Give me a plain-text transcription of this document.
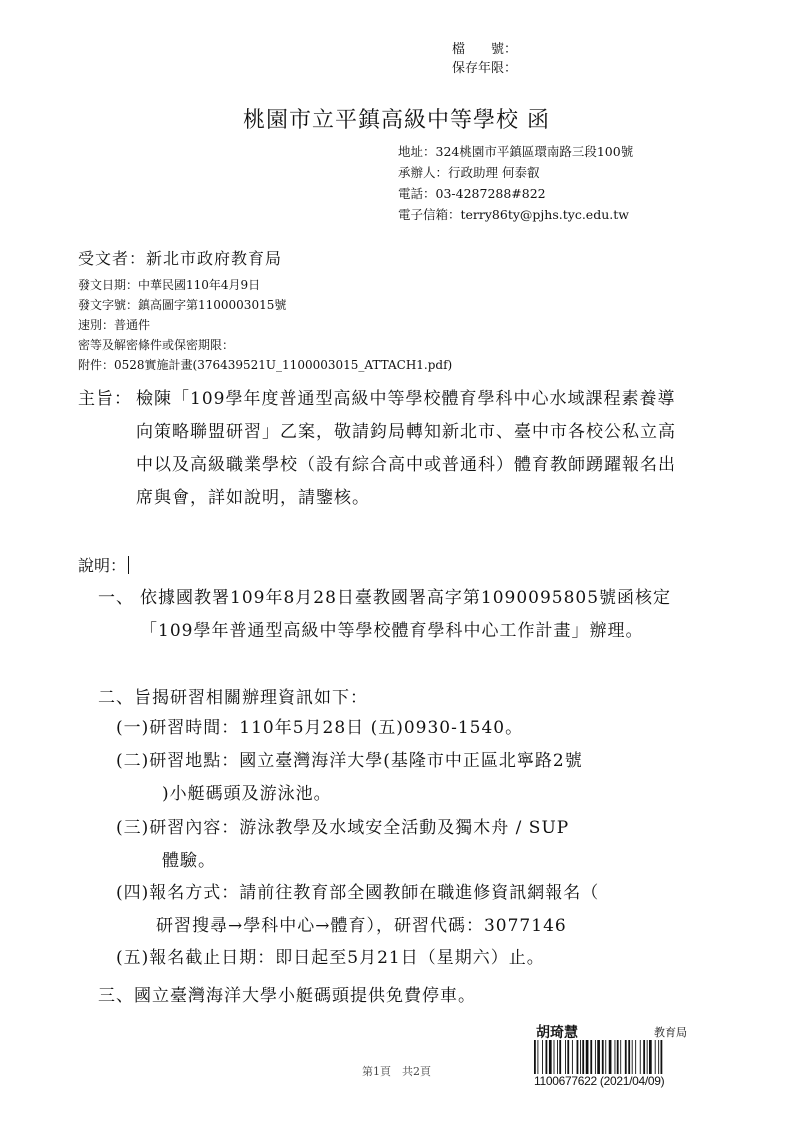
檔　　號：
保存年限：
桃園市立平鎮高級中等學校 函
地址：324桃園市平鎮區環南路三段100號
承辦人：行政助理 何泰叡
電話：03-4287288#822
電子信箱：terry86ty@pjhs.tyc.edu.tw
受文者：新北市政府教育局
發文日期：中華民國110年4月9日
發文字號：鎮高圖字第1100003015號
速別：普通件
密等及解密條件或保密期限：
附件：0528實施計畫(376439521U_1100003015_ATTACH1.pdf)
主旨： 檢陳「109學年度普通型高級中等學校體育學科中心水域課程素養導向策略聯盟研習」乙案，敬請鈞局轉知新北市、臺中市各校公私立高中以及高級職業學校（設有綜合高中或普通科）體育教師踴躍報名出席與會，詳如說明，請鑒核。
說明：
一、 依據國教署109年8月28日臺教國署高字第1090095805號函核定「109學年普通型高級中等學校體育學科中心工作計畫」辦理。
二、旨揭研習相關辦理資訊如下：
(一)研習時間：110年5月28日 (五)0930-1540。
(二)研習地點：國立臺灣海洋大學(基隆市中正區北寧路2號
)小艇碼頭及游泳池。
(三)研習內容：游泳教學及水域安全活動及獨木舟 / SUP
體驗。
(四)報名方式：請前往教育部全國教師在職進修資訊網報名（
研習搜尋→學科中心→體育），研習代碼：3077146
(五)報名截止日期：即日起至5月21日（星期六）止。
三、國立臺灣海洋大學小艇碼頭提供免費停車。
第1頁　共2頁
胡琦慧	教育局
1100677622 (2021/04/09)
